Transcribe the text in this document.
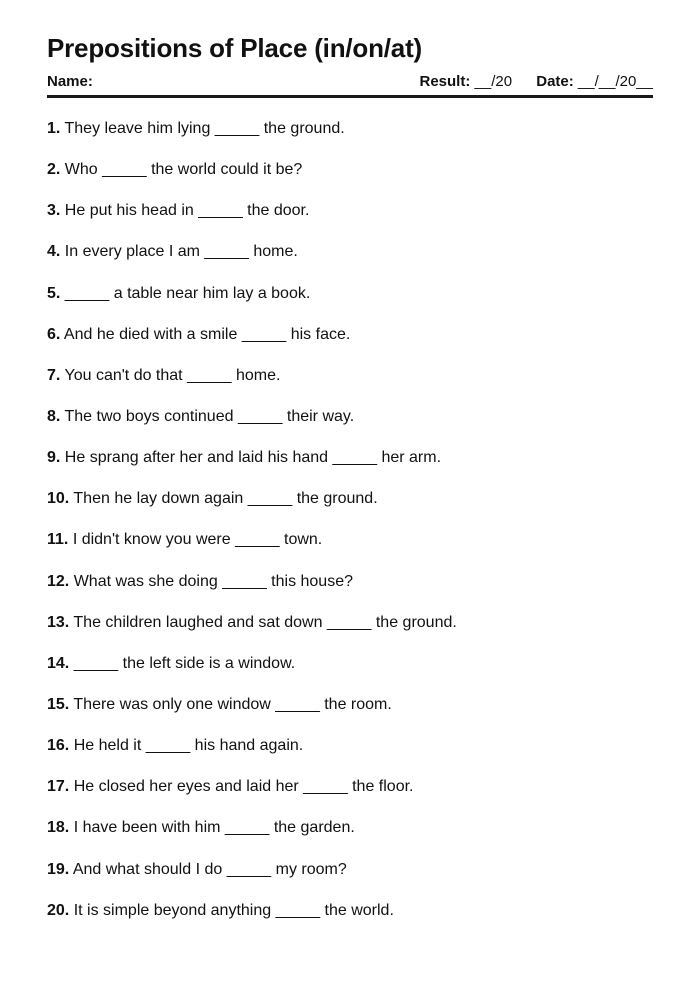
Prepositions of Place (in/on/at)
Name:	Result: __/20 Date: __/__/20__
1. They leave him lying _____ the ground.
2. Who _____ the world could it be?
3. He put his head in _____ the door.
4. In every place I am _____ home.
5. _____ a table near him lay a book.
6. And he died with a smile _____ his face.
7. You can't do that _____ home.
8. The two boys continued _____ their way.
9. He sprang after her and laid his hand _____ her arm.
10. Then he lay down again _____ the ground.
11. I didn't know you were _____ town.
12. What was she doing _____ this house?
13. The children laughed and sat down _____ the ground.
14. _____ the left side is a window.
15. There was only one window _____ the room.
16. He held it _____ his hand again.
17. He closed her eyes and laid her _____ the floor.
18. I have been with him _____ the garden.
19. And what should I do _____ my room?
20. It is simple beyond anything _____ the world.
